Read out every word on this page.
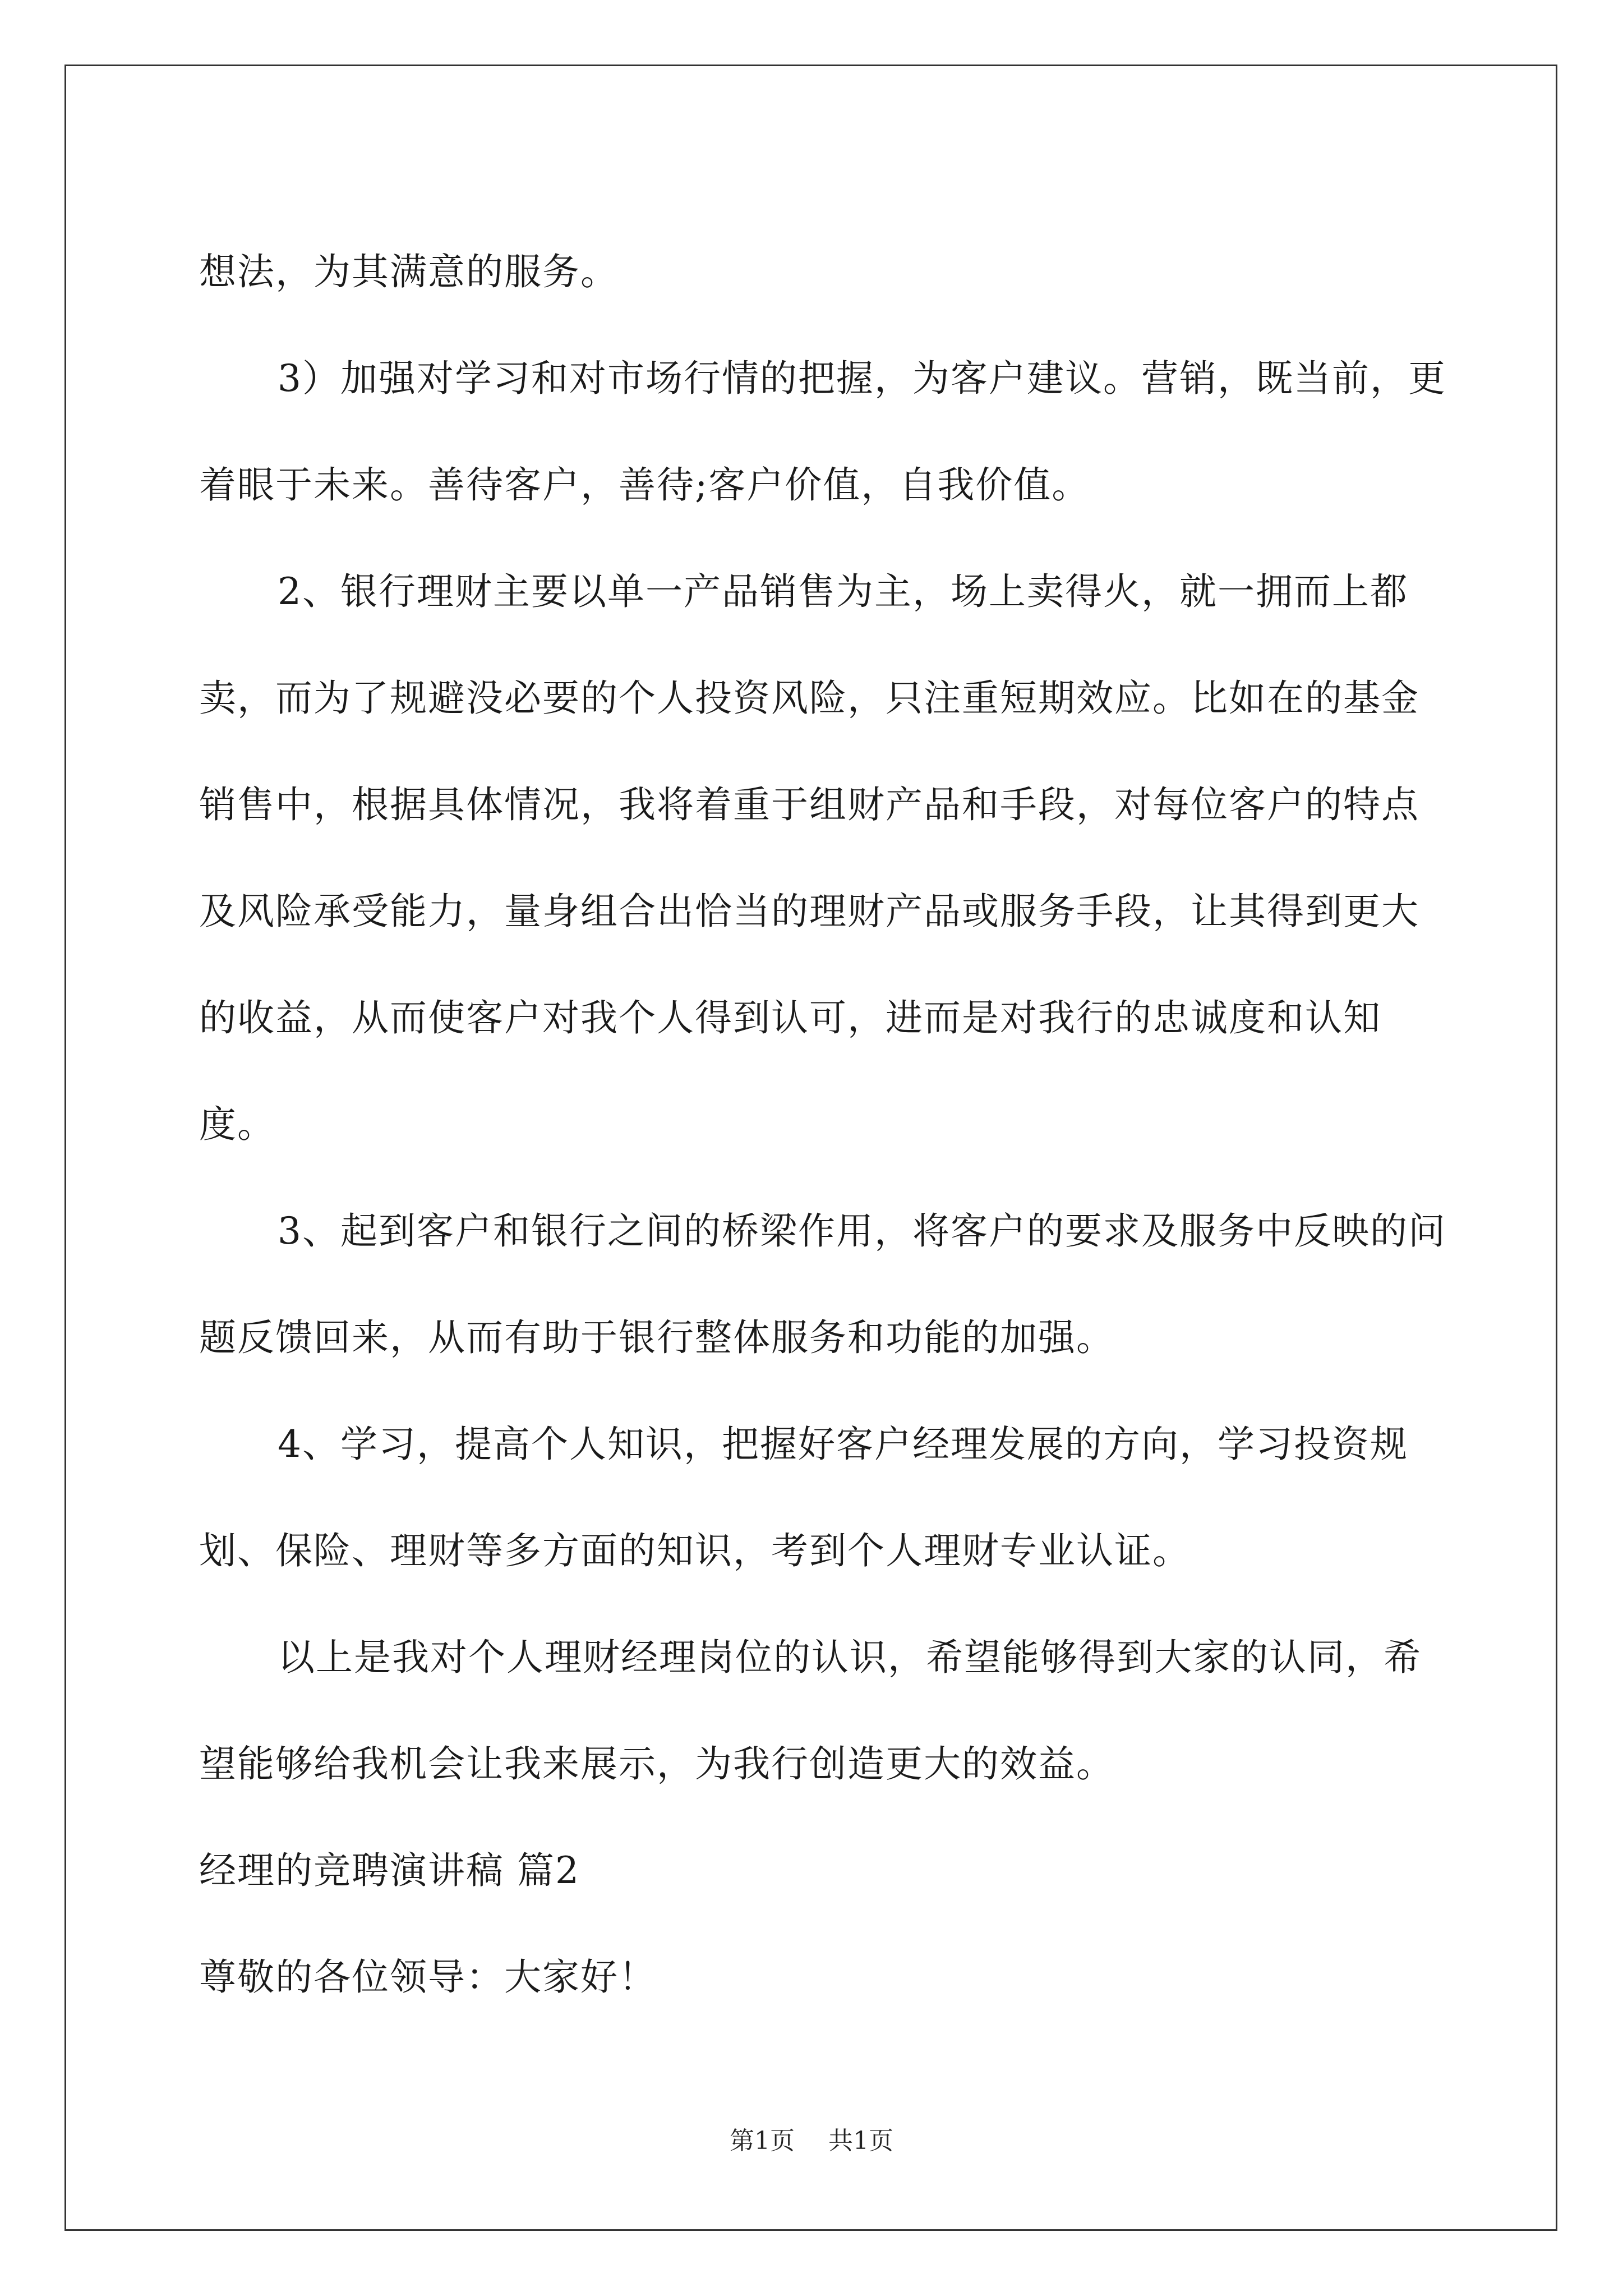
想法，为其满意的服务。

3）加强对学习和对市场行情的把握，为客户建议。营销，既当前，更着眼于未来。善待客户，善待;客户价值，自我价值。

2、银行理财主要以单一产品销售为主，场上卖得火，就一拥而上都卖，而为了规避没必要的个人投资风险，只注重短期效应。比如在的基金销售中，根据具体情况，我将着重于组财产品和手段，对每位客户的特点及风险承受能力，量身组合出恰当的理财产品或服务手段，让其得到更大的收益，从而使客户对我个人得到认可，进而是对我行的忠诚度和认知度。

3、起到客户和银行之间的桥梁作用，将客户的要求及服务中反映的问题反馈回来，从而有助于银行整体服务和功能的加强。

4、学习，提高个人知识，把握好客户经理发展的方向，学习投资规划、保险、理财等多方面的知识，考到个人理财专业认证。

以上是我对个人理财经理岗位的认识，希望能够得到大家的认同，希望能够给我机会让我来展示，为我行创造更大的效益。

经理的竞聘演讲稿 篇2

尊敬的各位领导：大家好！

第1页 共1页
